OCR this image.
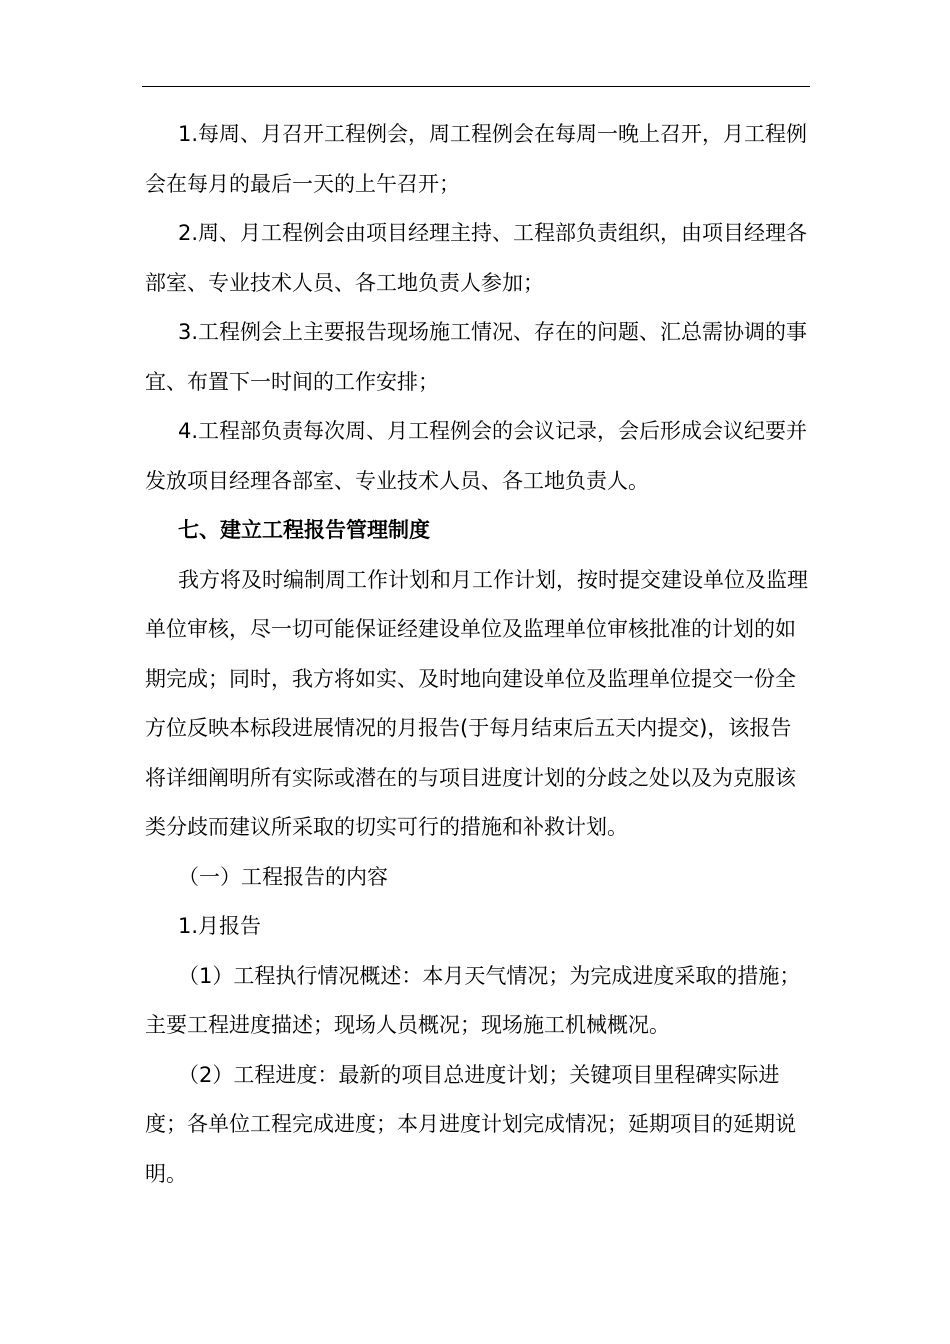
1.每周、月召开工程例会，周工程例会在每周一晚上召开，月工程例会在每月的最后一天的上午召开；

2.周、月工程例会由项目经理主持、工程部负责组织，由项目经理各部室、专业技术人员、各工地负责人参加；

3.工程例会上主要报告现场施工情况、存在的问题、汇总需协调的事宜、布置下一时间的工作安排；

4.工程部负责每次周、月工程例会的会议记录，会后形成会议纪要并发放项目经理各部室、专业技术人员、各工地负责人。

七、建立工程报告管理制度

我方将及时编制周工作计划和月工作计划，按时提交建设单位及监理单位审核，尽一切可能保证经建设单位及监理单位审核批准的计划的如期完成；同时，我方将如实、及时地向建设单位及监理单位提交一份全方位反映本标段进展情况的月报告(于每月结束后五天内提交)，该报告将详细阐明所有实际或潜在的与项目进度计划的分歧之处以及为克服该类分歧而建议所采取的切实可行的措施和补救计划。

（一）工程报告的内容

1.月报告

（1）工程执行情况概述：本月天气情况；为完成进度采取的措施；主要工程进度描述；现场人员概况；现场施工机械概况。

（2）工程进度：最新的项目总进度计划；关键项目里程碑实际进度；各单位工程完成进度；本月进度计划完成情况；延期项目的延期说明。
